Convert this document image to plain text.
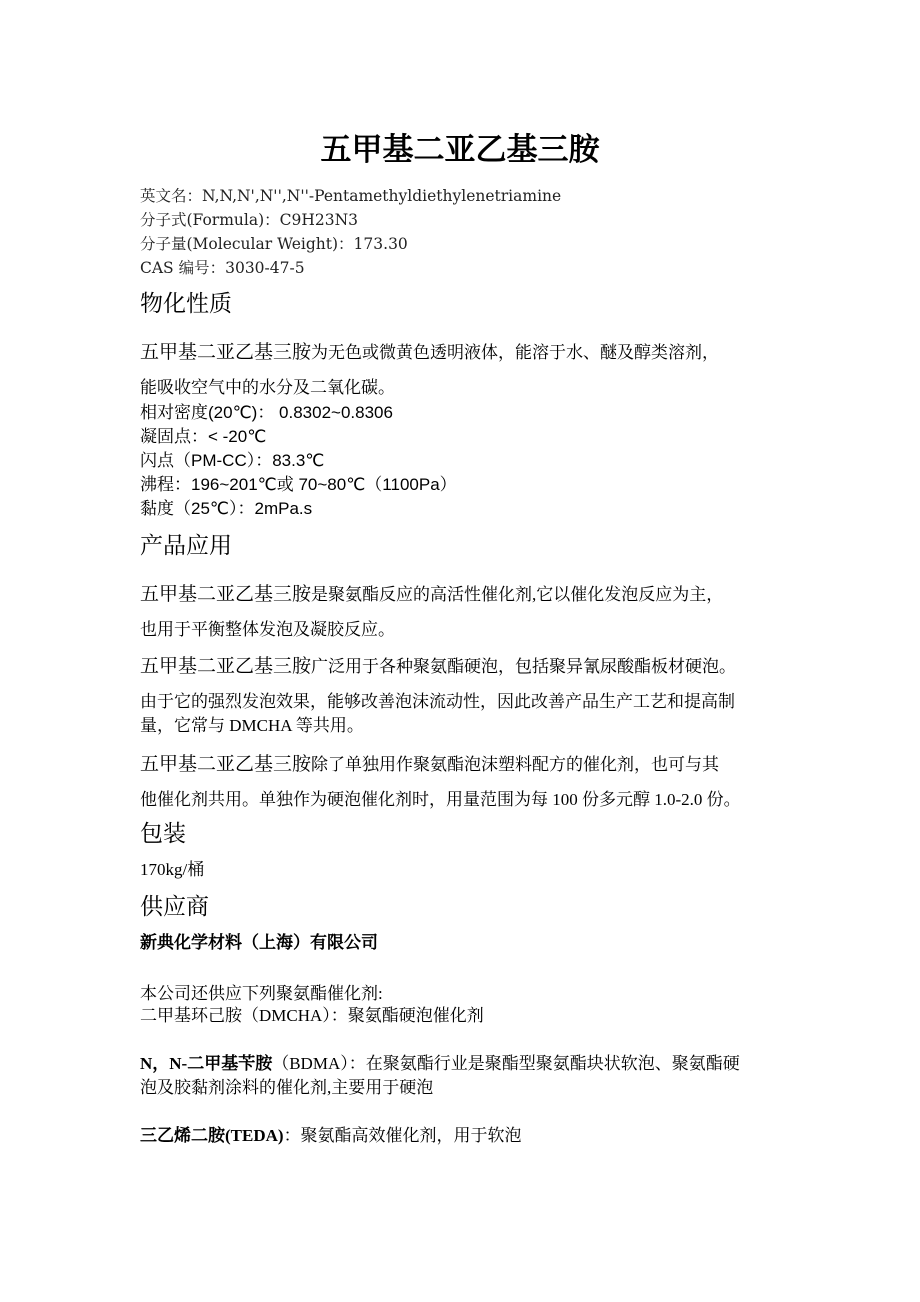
五甲基二亚乙基三胺
英文名：N,N,N',N'',N''-Pentamethyldiethylenetriamine
分子式(Formula)：C9H23N3
分子量(Molecular Weight)：173.30
CAS 编号：3030-47-5
物化性质
五甲基二亚乙基三胺为无色或微黄色透明液体，能溶于水、醚及醇类溶剂，
能吸收空气中的水分及二氧化碳。
相对密度(20℃)： 0.8302~0.8306
凝固点：< -20℃
闪点（PM-CC）：83.3℃
沸程：196~201℃或 70~80℃（1100Pa）
黏度（25℃）：2mPa.s
产品应用
五甲基二亚乙基三胺是聚氨酯反应的高活性催化剂,它以催化发泡反应为主，
也用于平衡整体发泡及凝胶反应。
五甲基二亚乙基三胺广泛用于各种聚氨酯硬泡，包括聚异氰尿酸酯板材硬泡。
由于它的强烈发泡效果，能够改善泡沫流动性，因此改善产品生产工艺和提高制
量，它常与 DMCHA 等共用。
五甲基二亚乙基三胺除了单独用作聚氨酯泡沫塑料配方的催化剂，也可与其
他催化剂共用。单独作为硬泡催化剂时，用量范围为每 100 份多元醇 1.0-2.0 份。
包装
170kg/桶
供应商
新典化学材料（上海）有限公司
本公司还供应下列聚氨酯催化剂:
二甲基环己胺（DMCHA）：聚氨酯硬泡催化剂
N，N-二甲基苄胺（BDMA）：在聚氨酯行业是聚酯型聚氨酯块状软泡、聚氨酯硬
泡及胶黏剂涂料的催化剂,主要用于硬泡
三乙烯二胺(TEDA)：聚氨酯高效催化剂，用于软泡
